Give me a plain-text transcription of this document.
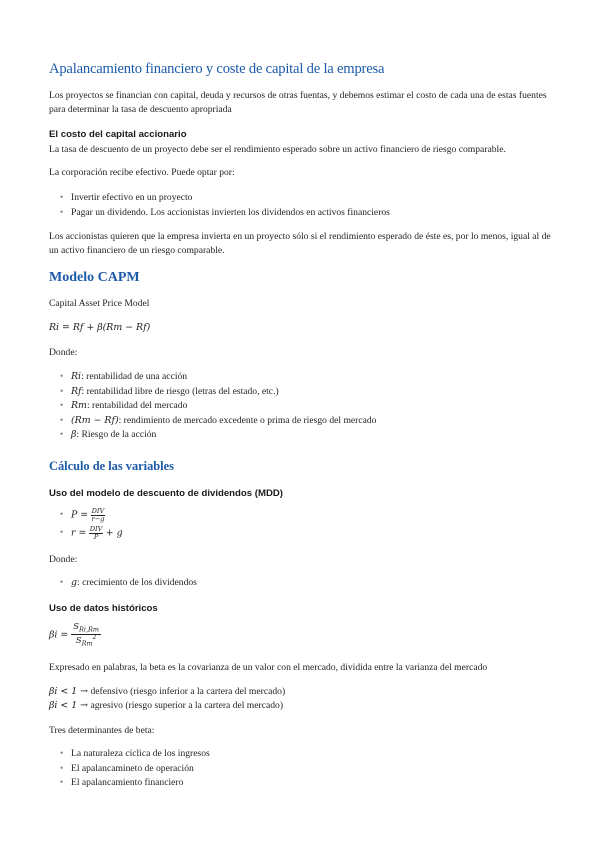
Apalancamiento financiero y coste de capital de la empresa

Los proyectos se financian con capital, deuda y recursos de otras fuentas, y debemos estimar el costo de cada una de estas fuentes para determinar la tasa de descuento apropriada

El costo del capital accionario

La tasa de descuento de un proyecto debe ser el rendimiento esperado sobre un activo financiero de riesgo comparable.

La corporación recibe efectivo. Puede optar por:

• Invertir efectivo en un proyecto
• Pagar un dividendo. Los accionistas invierten los dividendos en activos financieros

Los accionistas quieren que la empresa invierta en un proyecto sólo si el rendimiento esperado de éste es, por lo menos, igual al de un activo financiero de un riesgo comparable.

Modelo CAPM

Capital Asset Price Model

Ri = Rf + β(Rm − Rf)

Donde:

• Ri: rentabilidad de una acción
• Rf: rentabilidad libre de riesgo (letras del estado, etc.)
• Rm: rentabilidad del mercado
• (Rm − Rf): rendimiento de mercado excedente o prima de riesgo del mercado
• β: Riesgo de la acción
Cálculo de las variables
Uso del modelo de descuento de dividendos (MDD)
• $P = \frac{\text{DIV}}{r-g}$
• $r = \frac{\text{DIV}}{P} + g$

Donde:

• g: crecimiento de los dividendos
Uso de datos históricos

βi =
$S_{Ri,Rm}$
$S_{Rm}^2$

Expresado en palabras, la beta es la covarianza de un valor con el mercado, dividida entre la varianza del mercado

βi < 1 → defensivo (riesgo inferior a la cartera del mercado)

βi < 1 → agresivo (riesgo superior a la cartera del mercado)

Tres determinantes de beta:

• La naturaleza cíclica de los ingresos
• El apalancamineto de operación
• El apalancamiento financiero
